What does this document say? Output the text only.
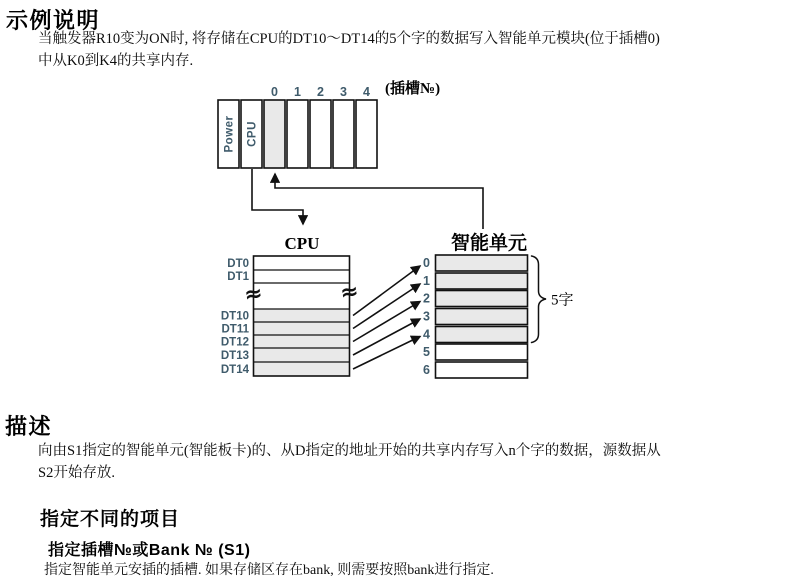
Power CPU
0 1 2 3 4
CPU	智能单元
DT0
DT1
DT10
DT11
DT12
DT13
DT14
≈	≈
0
1
2
3
4
5
6
5字
示例说明
当触发器R10变为ON时, 将存储在CPU的DT10～DT14的5个字的数据写入智能单元模块(位于插槽0)
中从K0到K4的共享内存.
(插槽№)
描述
向由S1指定的智能单元(智能板卡)的、从D指定的地址开始的共享内存写入n个字的数据，源数据从
S2开始存放.
指定不同的项目
指定插槽№或Bank № (S1)
指定智能单元安插的插槽. 如果存储区存在bank, 则需要按照bank进行指定.
